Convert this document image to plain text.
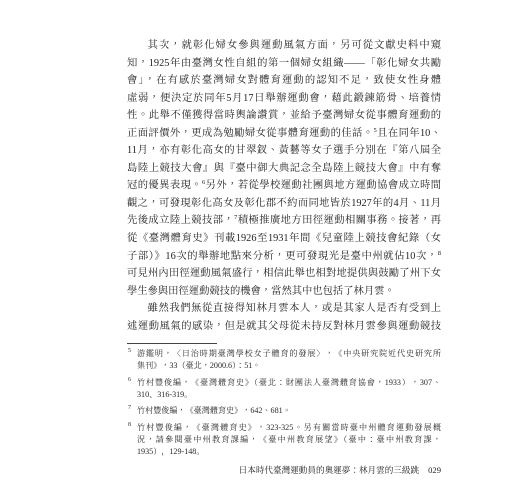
其次，就彰化婦女參與運動風氣方面，另可從文獻史料中窺
知，1925年由臺灣女性自組的第一個婦女組織——「彰化婦女共勵
會」，在有感於臺灣婦女對體育運動的認知不足，致使女性身體
虛弱，便決定於同年5月17日舉辦運動會，藉此鍛鍊筋骨、培養情
性。此舉不僅獲得當時輿論讚賞，並給予臺灣婦女從事體育運動的
正面評價外，更成為勉勵婦女從事體育運動的佳話。$^5$且在同年10、
11月，亦有彰化高女的甘翠釵、黃藝等女子選手分別在『第八屆全
島陸上競技大會』與『臺中御大典記念全島陸上競技大會』中有奪
冠的優異表現。$^6$另外，若從學校運動社團與地方運動協會成立時間
觀之，可發現彰化高女及彰化郡不約而同地皆於1927年的4月、11月
先後成立陸上競技部，$^7$積極推廣地方田徑運動相關事務。接著，再
從《臺灣體育史》刊載1926至1931年間《兒童陸上競技會紀錄（女
子部）》16次的舉辦地點來分析，更可發現光是臺中州就佔10次，$^8$
可見州內田徑運動風氣盛行，相信此舉也相對地提供與鼓勵了州下女
學生參與田徑運動競技的機會，當然其中也包括了林月雲。
雖然我們無從直接得知林月雲本人，或是其家人是否有受到上
述運動風氣的感染，但是就其父母從未持反對林月雲參與運動競技
5 游鑑明，〈日治時期臺灣學校女子體育的發展〉，《中央研究院近代史研究所
集刊》，33（臺北，2000.6）：51。
6 竹村豐俊編，《臺灣體育史》（臺北：財團法人臺灣體育協會，1933），307、
310、316-319。
7 竹村豐俊編，《臺灣體育史》，642、681。
8 竹村豐俊編，《臺灣體育史》，323-325。另有關當時臺中州體育運動發展概
況，請參閱臺中州教育課編，《臺中州教育展望》（臺中：臺中州教育課，
1935），129-148。
日本時代臺灣運動員的奧運夢：林月雲的三級跳 029
